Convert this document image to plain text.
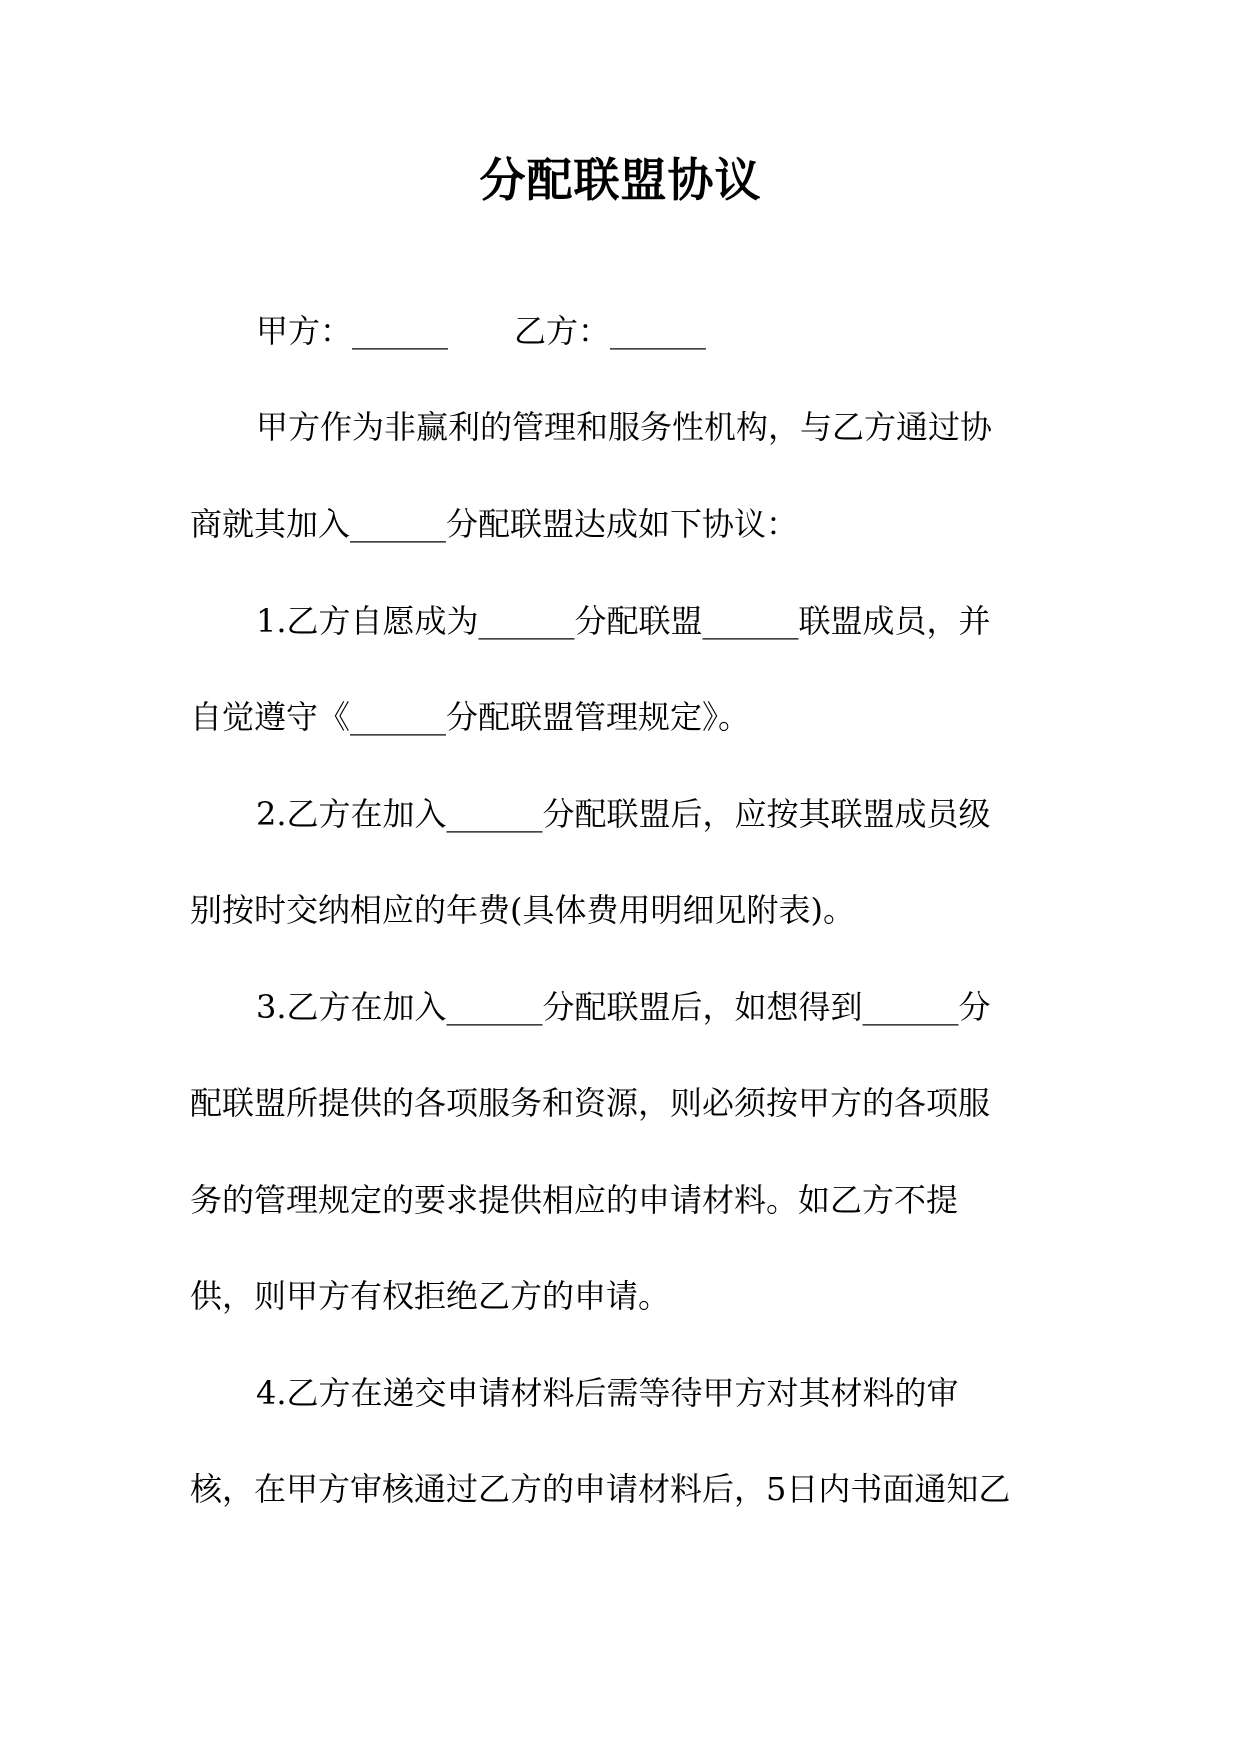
分配联盟协议

甲方：______ 乙方：______

甲方作为非赢利的管理和服务性机构，与乙方通过协

商就其加入______分配联盟达成如下协议：

1.乙方自愿成为______分配联盟______联盟成员，并

自觉遵守《______分配联盟管理规定》。

2.乙方在加入______分配联盟后，应按其联盟成员级

别按时交纳相应的年费(具体费用明细见附表)。

3.乙方在加入______分配联盟后，如想得到______分

配联盟所提供的各项服务和资源，则必须按甲方的各项服

务的管理规定的要求提供相应的申请材料。如乙方不提

供，则甲方有权拒绝乙方的申请。

4.乙方在递交申请材料后需等待甲方对其材料的审

核，在甲方审核通过乙方的申请材料后，5日内书面通知乙
